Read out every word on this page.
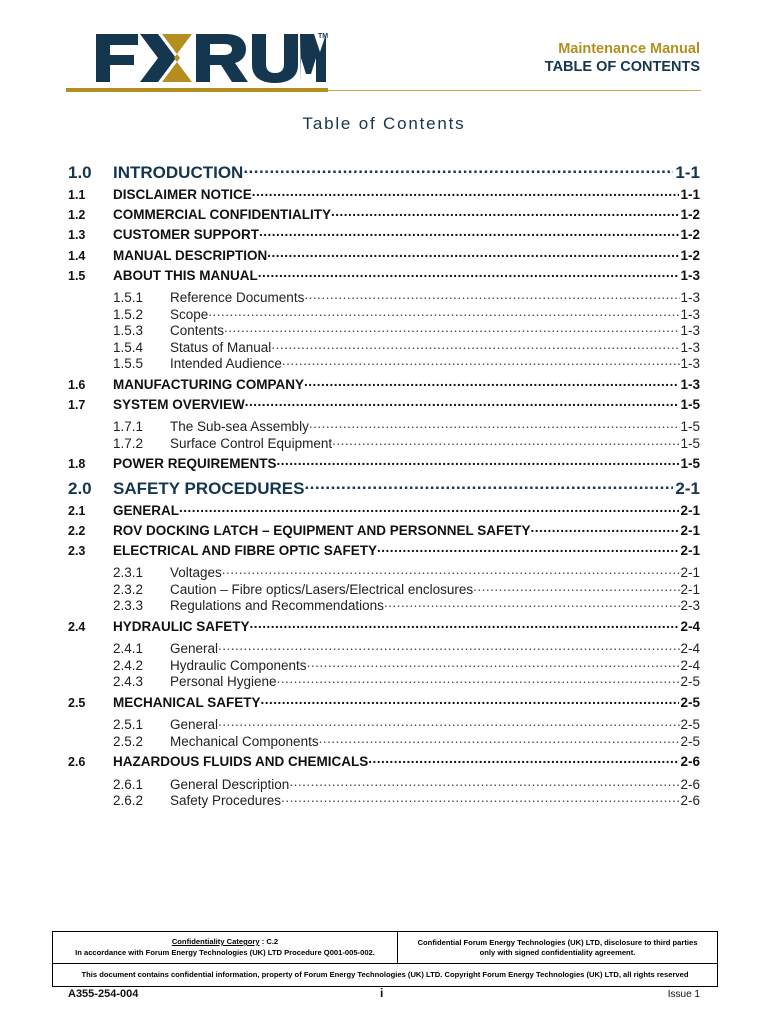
TM
Maintenance Manual
TABLE OF CONTENTS
Table of Contents
1.0	INTRODUCTION .....	1-1
1.1	DISCLAIMER NOTICE .....	1-1
1.2	COMMERCIAL CONFIDENTIALITY .....	1-2
1.3	CUSTOMER SUPPORT .....	1-2
1.4	MANUAL DESCRIPTION .....	1-2
1.5	ABOUT THIS MANUAL .....	1-3
1.5.1	Reference Documents .....	1-3
1.5.2	Scope .....	1-3
1.5.3	Contents .....	1-3
1.5.4	Status of Manual .....	1-3
1.5.5	Intended Audience .....	1-3
1.6	MANUFACTURING COMPANY .....	1-3
1.7	SYSTEM OVERVIEW .....	1-5
1.7.1	The Sub-sea Assembly .....	1-5
1.7.2	Surface Control Equipment .....	1-5
1.8	POWER REQUIREMENTS .....	1-5
2.0	SAFETY PROCEDURES .....	2-1
2.1	GENERAL .....	2-1
2.2	ROV DOCKING LATCH – EQUIPMENT AND PERSONNEL SAFETY .....	2-1
2.3	ELECTRICAL AND FIBRE OPTIC SAFETY .....	2-1
2.3.1	Voltages .....	2-1
2.3.2	Caution – Fibre optics/Lasers/Electrical enclosures .....	2-1
2.3.3	Regulations and Recommendations .....	2-3
2.4	HYDRAULIC SAFETY .....	2-4
2.4.1	General .....	2-4
2.4.2	Hydraulic Components .....	2-4
2.4.3	Personal Hygiene .....	2-5
2.5	MECHANICAL SAFETY .....	2-5
2.5.1	General .....	2-5
2.5.2	Mechanical Components .....	2-5
2.6	HAZARDOUS FLUIDS AND CHEMICALS .....	2-6
2.6.1	General Description .....	2-6
2.6.2	Safety Procedures .....	2-6
Confidentiality Category : C.2
In accordance with Forum Energy Technologies (UK) LTD Procedure Q001-005-002.
Confidential Forum Energy Technologies (UK) LTD, disclosure to third parties
only with signed confidentiality agreement.
This document contains confidential information, property of Forum Energy Technologies (UK) LTD. Copyright Forum Energy Technologies (UK) LTD, all rights reserved
A355-254-004	i	Issue 1
